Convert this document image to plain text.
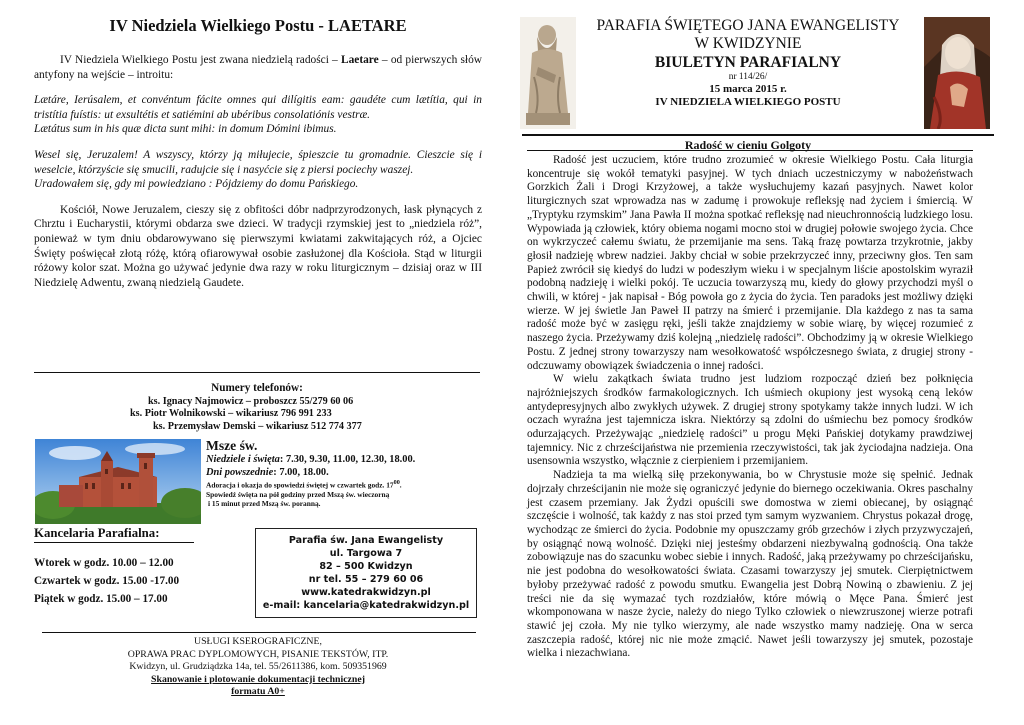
IV Niedziela Wielkiego Postu - LAETARE
IV Niedziela Wielkiego Postu jest zwana niedzielą radości – Laetare – od pierwszych słów antyfony na wejście – introitu:
Lætáre, Ierúsalem, et convéntum fácite omnes qui dilígitis eam: gaudéte cum lætítia, qui in tristítia fuístis: ut exsultétis et satiémini ab ubéribus consolatiónis vestræ.
Lætátus sum in his quæ dicta sunt mihi: in domum Dómini ibimus.
Wesel się, Jeruzalem! A wszyscy, którzy ją miłujecie, śpieszcie tu gromadnie. Cieszcie się i weselcie, którzyście się smucili, radujcie się i nasyćcie się z piersi pociechy waszej.
Uradowałem się, gdy mi powiedziano : Pójdziemy do domu Pańskiego.
Kościół, Nowe Jeruzalem, cieszy się z obfitości dóbr nadprzyrodzonych, łask płynących z Chrztu i Eucharystii, którymi obdarza swe dzieci. W tradycji rzymskiej jest to „niedziela róż”, ponieważ w tym dniu obdarowywano się pierwszymi kwiatami zakwitających róż, a Ojciec Święty poświęcał złotą różę, którą ofiarowywał osobie zasłużonej dla Kościoła. Stąd w liturgii różowy kolor szat. Można go używać jedynie dwa razy w roku liturgicznym – dzisiaj oraz w III Niedzielę Adwentu, zwaną niedzielą Gaudete.
Numery telefonów:
ks. Ignacy Najmowicz – proboszcz 55/279 60 06
ks. Piotr Wolnikowski – wikariusz 796 991 233
ks. Przemysław Demski – wikariusz 512 774 377
Msze św.
Niedziele i święta: 7.30, 9.30, 11.00, 12.30, 18.00.
Dni powszednie: 7.00, 18.00.
Adoracja i okazja do spowiedzi świętej w czwartek godz. $17^{00}$.
Spowiedź święta na pół godziny przed Mszą św. wieczorną
i 15 minut przed Mszą św. poranną.
Kancelaria Parafialna:
Wtorek w godz. 10.00 – 12.00
Czwartek w godz. 15.00 -17.00
Piątek w godz. 15.00 – 17.00
Parafia św. Jana Ewangelisty
ul. Targowa 7
82 – 500 Kwidzyn
nr tel. 55 – 279 60 06
www.katedrakwidzyn.pl
e-mail: kancelaria@katedrakwidzyn.pl
USŁUGI KSEROGRAFICZNE,
OPRAWA PRAC DYPLOMOWYCH, PISANIE TEKSTÓW, ITP.
Kwidzyn, ul. Grudziądzka 14a, tel. 55/2611386, kom. 509351969
Skanowanie i plotowanie dokumentacji technicznej
formatu A0+
PARAFIA ŚWIĘTEGO JANA EWANGELISTY
W KWIDZYNIE
BIULETYN PARAFIALNY
nr 114/26/
15 marca 2015 r.
IV NIEDZIELA WIELKIEGO POSTU
Radość w cieniu Golgoty
Radość jest uczuciem, które trudno zrozumieć w okresie Wielkiego Postu. Cała liturgia koncentruje się wokół tematyki pasyjnej. W tych dniach uczestniczymy w nabożeństwach Gorzkich Żali i Drogi Krzyżowej, a także wysłuchujemy kazań pasyjnych. Nawet kolor liturgicznych szat wprowadza nas w zadumę i prowokuje refleksję nad życiem i śmiercią. W „Tryptyku rzymskim” Jana Pawła II można spotkać refleksję nad nieuchronnością ludzkiego losu. Wypowiada ją człowiek, który obiema nogami mocno stoi w drugiej połowie swojego życia. Chce on wykrzyczeć całemu światu, że przemijanie ma sens. Taką frazę powtarza trzykrotnie, jakby głosił nadzieję wbrew nadziei. Jakby chciał w sobie przekrzyczeć inny, przeciwny głos. Ten sam Papież zwrócił się kiedyś do ludzi w podeszłym wieku i w specjalnym liście apostolskim wyraził podobną nadzieję i wielki pokój. Te uczucia towarzyszą mu, kiedy do głowy przychodzi myśl o chwili, w której - jak napisał - Bóg powoła go z życia do życia. Ten paradoks jest możliwy dzięki wierze. W jej świetle Jan Paweł II patrzy na śmierć i przemijanie. Dla każdego z nas ta sama radość może być w zasięgu ręki, jeśli także znajdziemy w sobie wiarę, by więcej rozumieć z naszego życia. Przeżywamy dziś kolejną „niedzielę radości”. Obchodzimy ją w okresie Wielkiego Postu. Z jednej strony towarzyszy nam wesołkowatość współczesnego świata, z drugiej strony - odczuwamy obowiązek świadczenia o innej radości.
W wielu zakątkach świata trudno jest ludziom rozpocząć dzień bez połknięcia najróżniejszych środków farmakologicznych. Ich uśmiech okupiony jest wysoką ceną leków antydepresyjnych albo zwykłych używek. Z drugiej strony spotykamy także innych ludzi. W ich oczach wyraźna jest tajemnicza iskra. Niektórzy są zdolni do uśmiechu bez pomocy środków odurzających. Przeżywając „niedzielę radości” u progu Męki Pańskiej dotykamy prawdziwej tajemnicy. Nic z chrześcijaństwa nie przemienia rzeczywistości, tak jak życiodajna nadzieja. Ona usensownia wszystko, włącznie z cierpieniem i przemijaniem.
Nadzieja ta ma wielką siłę przekonywania, bo w Chrystusie może się spełnić. Jednak dojrzały chrześcijanin nie może się ograniczyć jedynie do biernego oczekiwania. Okres paschalny jest czasem przemiany. Jak Żydzi opuścili swe domostwa w ziemi obiecanej, by osiągnąć szczęście i wolność, tak każdy z nas stoi przed tym samym wyzwaniem. Chrystus pokazał drogę, wychodząc ze śmierci do życia. Podobnie my opuszczamy grób grzechów i złych przyzwyczajeń, by osiągnąć nową wolność. Dzięki niej jesteśmy obdarzeni niezbywalną godnością. Ona także zobowiązuje nas do szacunku wobec siebie i innych. Radość, jaką przeżywamy po chrześcijańsku, nie jest podobna do wesołkowatości świata. Czasami towarzyszy jej smutek. Cierpiętnictwem byłoby przeżywać radość z powodu smutku. Ewangelia jest Dobrą Nowiną o zbawieniu. Z jej treści nie da się wymazać tych rozdziałów, które mówią o Męce Pana. Śmierć jest wkomponowana w nasze życie, należy do niego Tylko człowiek o niewzruszonej wierze potrafi stawić jej czoła. My nie tylko wierzymy, ale nade wszystko mamy nadzieję. Ona w serca zaszczepia radość, której nic nie może zmącić. Nawet jeśli towarzyszy jej smutek, pozostaje wielka i niezachwiana.
